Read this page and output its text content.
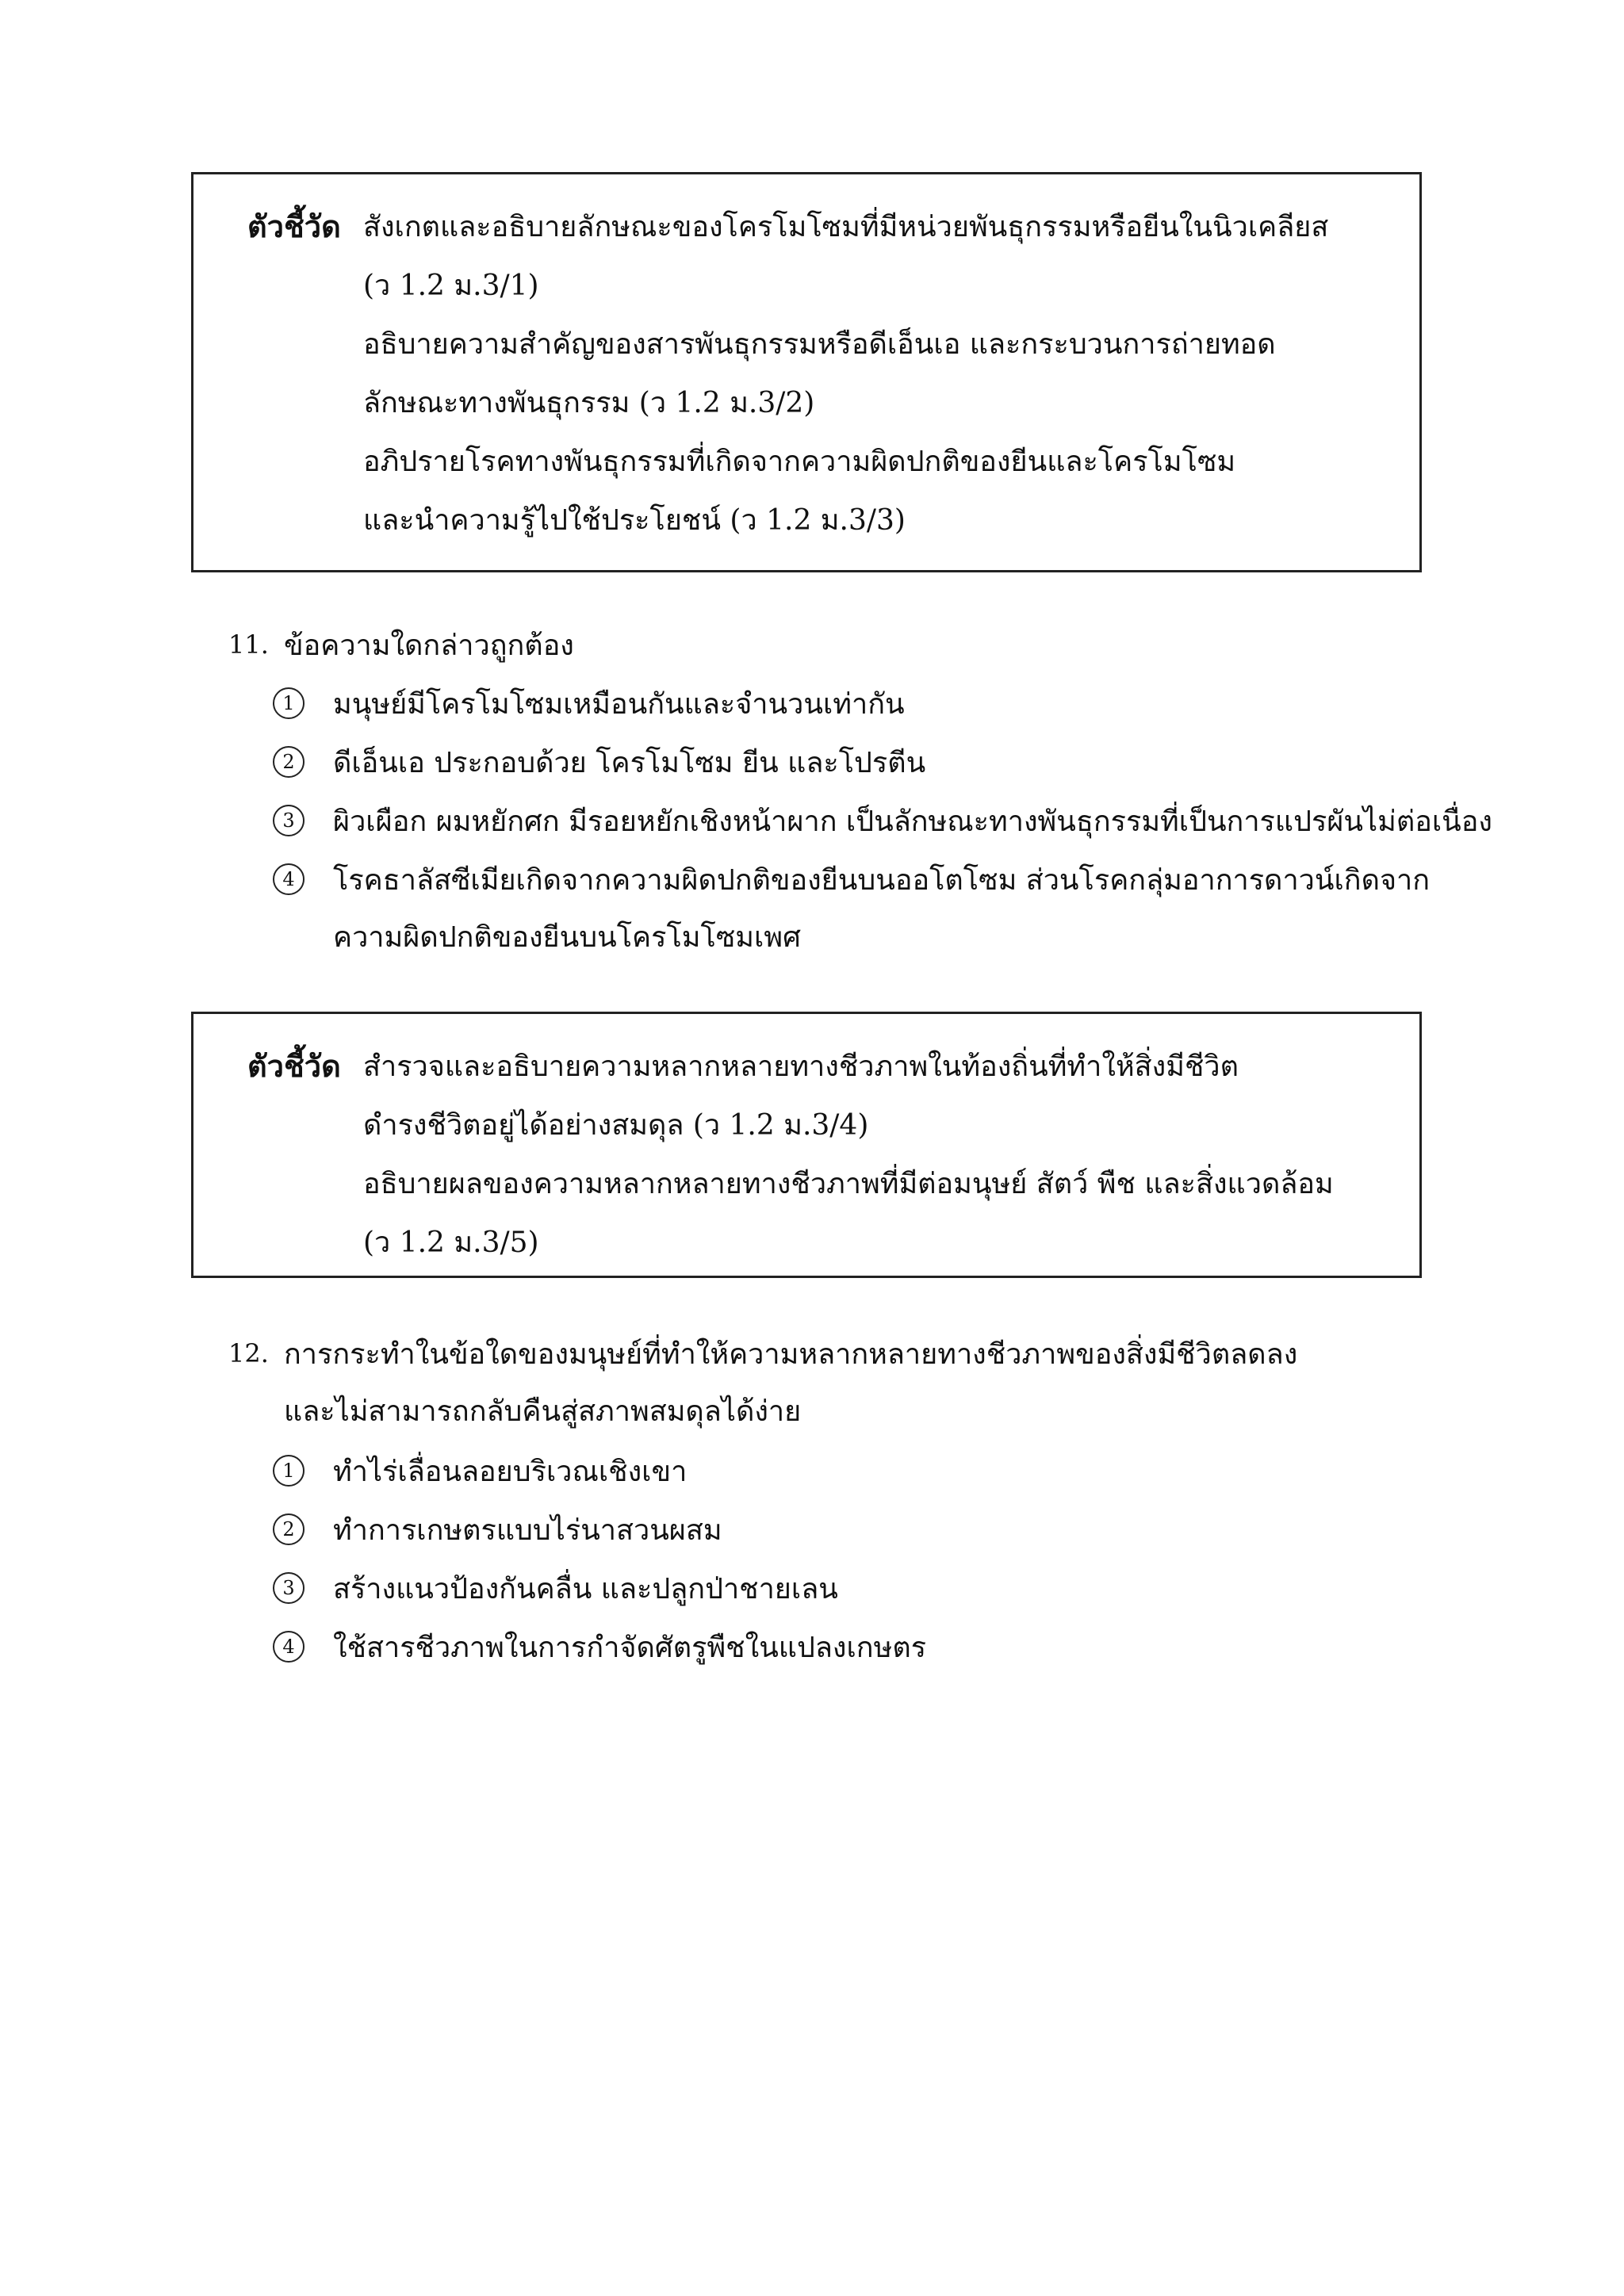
ตัวชี้วัด สังเกตและอธิบายลักษณะของโครโมโซมที่มีหน่วยพันธุกรรมหรือยีนในนิวเคลียส
(ว 1.2 ม.3/1)
อธิบายความสำคัญของสารพันธุกรรมหรือดีเอ็นเอ และกระบวนการถ่ายทอด
ลักษณะทางพันธุกรรม (ว 1.2 ม.3/2)
อภิปรายโรคทางพันธุกรรมที่เกิดจากความผิดปกติของยีนและโครโมโซม
และนำความรู้ไปใช้ประโยชน์ (ว 1.2 ม.3/3)
11. ข้อความใดกล่าวถูกต้อง
1	มนุษย์มีโครโมโซมเหมือนกันและจำนวนเท่ากัน
2	ดีเอ็นเอ ประกอบด้วย โครโมโซม ยีน และโปรตีน
3	ผิวเผือก ผมหยักศก มีรอยหยักเชิงหน้าผาก เป็นลักษณะทางพันธุกรรมที่เป็นการแปรผันไม่ต่อเนื่อง
4	โรคธาลัสซีเมียเกิดจากความผิดปกติของยีนบนออโตโซม ส่วนโรคกลุ่มอาการดาวน์เกิดจาก
ความผิดปกติของยีนบนโครโมโซมเพศ
ตัวชี้วัด สำรวจและอธิบายความหลากหลายทางชีวภาพในท้องถิ่นที่ทำให้สิ่งมีชีวิต
ดำรงชีวิตอยู่ได้อย่างสมดุล (ว 1.2 ม.3/4)
อธิบายผลของความหลากหลายทางชีวภาพที่มีต่อมนุษย์ สัตว์ พืช และสิ่งแวดล้อม
(ว 1.2 ม.3/5)
12. การกระทำในข้อใดของมนุษย์ที่ทำให้ความหลากหลายทางชีวภาพของสิ่งมีชีวิตลดลง
และไม่สามารถกลับคืนสู่สภาพสมดุลได้ง่าย
1	ทำไร่เลื่อนลอยบริเวณเชิงเขา
2	ทำการเกษตรแบบไร่นาสวนผสม
3	สร้างแนวป้องกันคลื่น และปลูกป่าชายเลน
4	ใช้สารชีวภาพในการกำจัดศัตรูพืชในแปลงเกษตร
